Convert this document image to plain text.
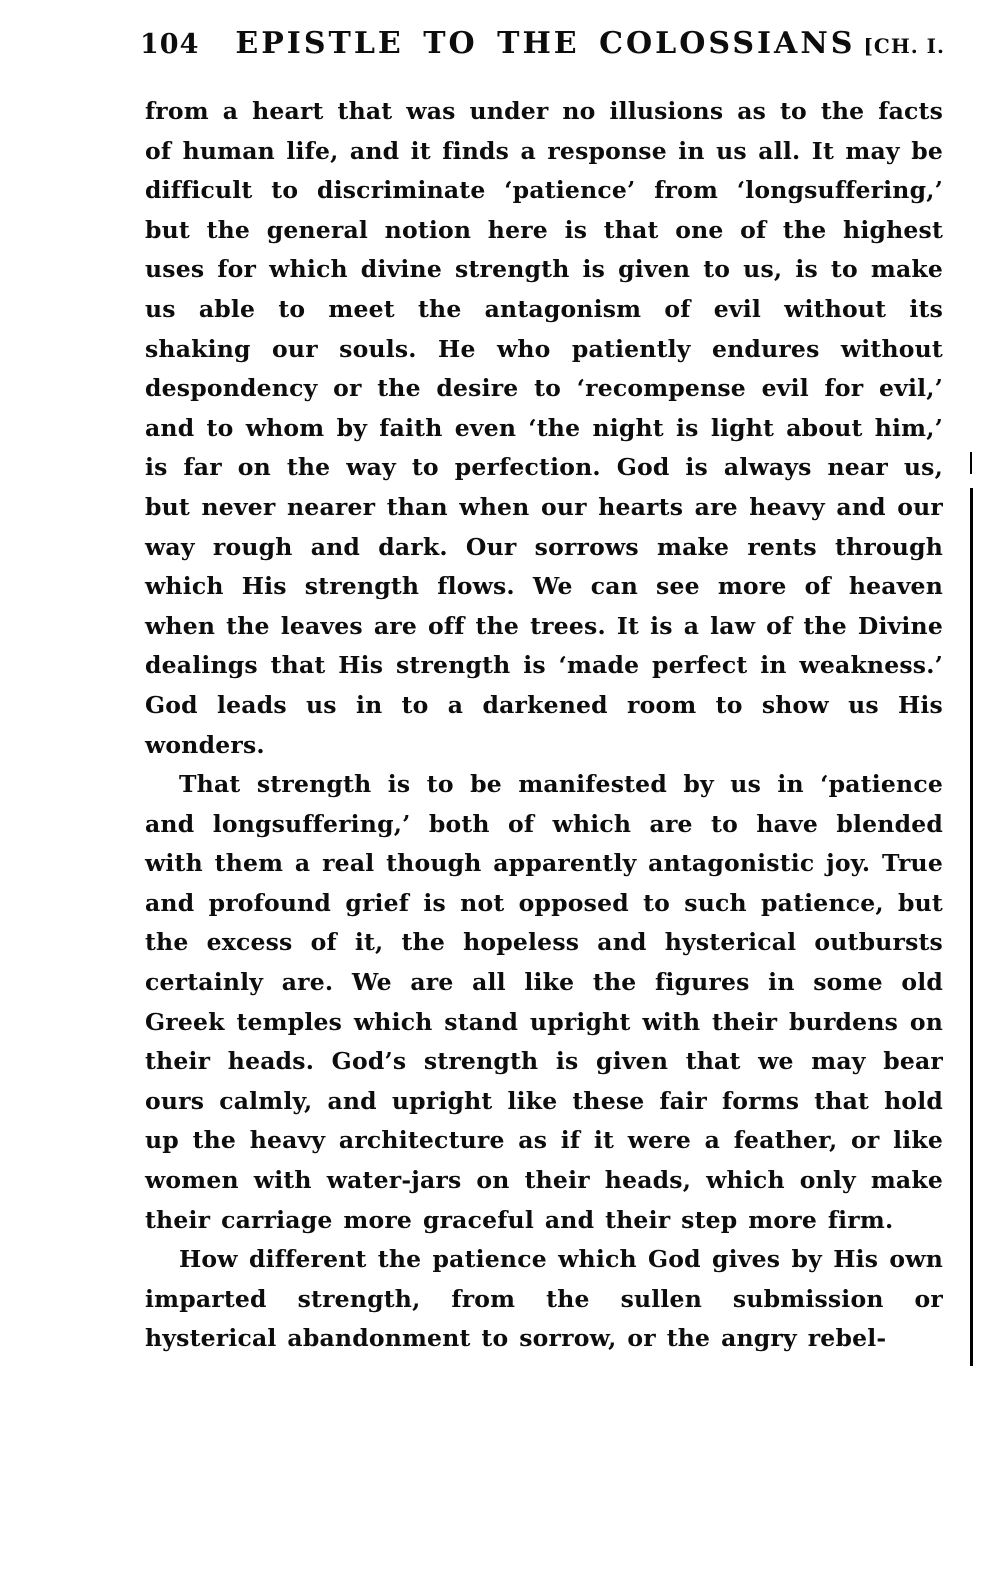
104 EPISTLE TO THE COLOSSIANS [CH. I.

from a heart that was under no illusions as to the facts of human life, and it finds a response in us all. It may be difficult to discriminate ‘patience’ from ‘longsuffering,’ but the general notion here is that one of the highest uses for which divine strength is given to us, is to make us able to meet the antagonism of evil without its shaking our souls. He who patiently endures without despondency or the desire to ‘recompense evil for evil,’ and to whom by faith even ‘the night is light about him,’ is far on the way to perfection. God is always near us, but never nearer than when our hearts are heavy and our way rough and dark. Our sorrows make rents through which His strength flows. We can see more of heaven when the leaves are off the trees. It is a law of the Divine dealings that His strength is ‘made perfect in weakness.’ God leads us in to a darkened room to show us His wonders.

That strength is to be manifested by us in ‘patience and longsuffering,’ both of which are to have blended with them a real though apparently antagonistic joy. True and profound grief is not opposed to such patience, but the excess of it, the hopeless and hysterical outbursts certainly are. We are all like the figures in some old Greek temples which stand upright with their burdens on their heads. God’s strength is given that we may bear ours calmly, and upright like these fair forms that hold up the heavy architecture as if it were a feather, or like women with water-jars on their heads, which only make their carriage more graceful and their step more firm.

How different the patience which God gives by His own imparted strength, from the sullen submission or hysterical abandonment to sorrow, or the angry rebel-
